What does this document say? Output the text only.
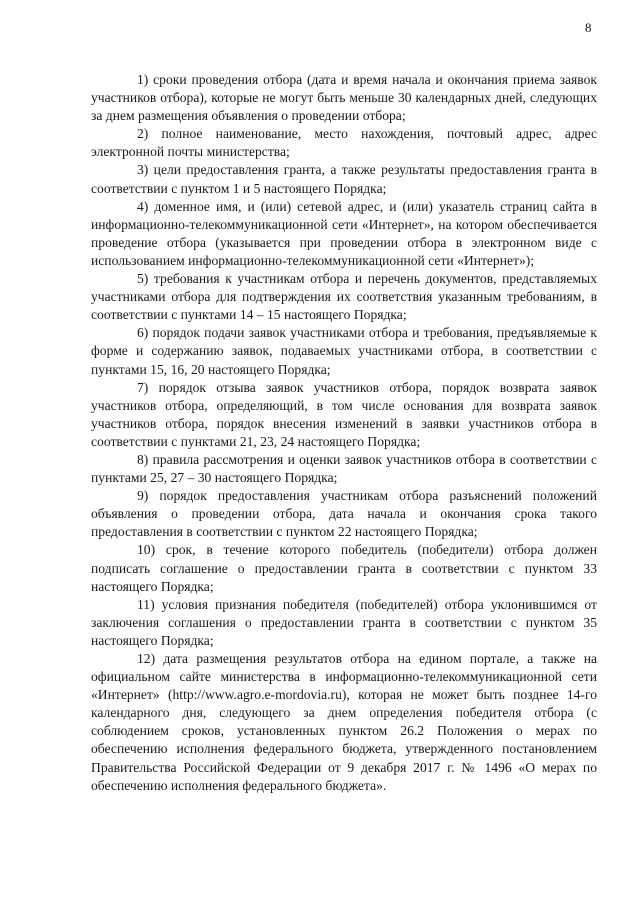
8

1) сроки проведения отбора (дата и время начала и окончания приема заявок участников отбора), которые не могут быть меньше 30 календарных дней, следующих за днем размещения объявления о проведении отбора;

2) полное наименование, место нахождения, почтовый адрес, адрес электронной почты министерства;

3) цели предоставления гранта, а также результаты предоставления гранта в соответствии с пунктом 1 и 5 настоящего Порядка;

4) доменное имя, и (или) сетевой адрес, и (или) указатель страниц сайта в информационно-телекоммуникационной сети «Интернет», на котором обеспечивается проведение отбора (указывается при проведении отбора в электронном виде с использованием информационно-телекоммуникационной сети «Интернет»);

5) требования к участникам отбора и перечень документов, представляемых участниками отбора для подтверждения их соответствия указанным требованиям, в соответствии с пунктами 14 – 15 настоящего Порядка;

6) порядок подачи заявок участниками отбора и требования, предъявляемые к форме и содержанию заявок, подаваемых участниками отбора, в соответствии с пунктами 15, 16, 20 настоящего Порядка;

7) порядок отзыва заявок участников отбора, порядок возврата заявок участников отбора, определяющий, в том числе основания для возврата заявок участников отбора, порядок внесения изменений в заявки участников отбора в соответствии с пунктами 21, 23, 24 настоящего Порядка;

8) правила рассмотрения и оценки заявок участников отбора в соответствии с пунктами 25, 27 – 30 настоящего Порядка;

9) порядок предоставления участникам отбора разъяснений положений объявления о проведении отбора, дата начала и окончания срока такого предоставления в соответствии с пунктом 22 настоящего Порядка;

10) срок, в течение которого победитель (победители) отбора должен подписать соглашение о предоставлении гранта в соответствии с пунктом 33 настоящего Порядка;

11) условия признания победителя (победителей) отбора уклонившимся от заключения соглашения о предоставлении гранта в соответствии с пунктом 35 настоящего Порядка;

12) дата размещения результатов отбора на едином портале, а также на официальном сайте министерства в информационно-телекоммуникационной сети «Интернет» (http://www.agro.e-mordovia.ru), которая не может быть позднее 14-го календарного дня, следующего за днем определения победителя отбора (с соблюдением сроков, установленных пунктом 26.2 Положения о мерах по обеспечению исполнения федерального бюджета, утвержденного постановлением Правительства Российской Федерации от 9 декабря 2017 г. № 1496 «О мерах по обеспечению исполнения федерального бюджета».
